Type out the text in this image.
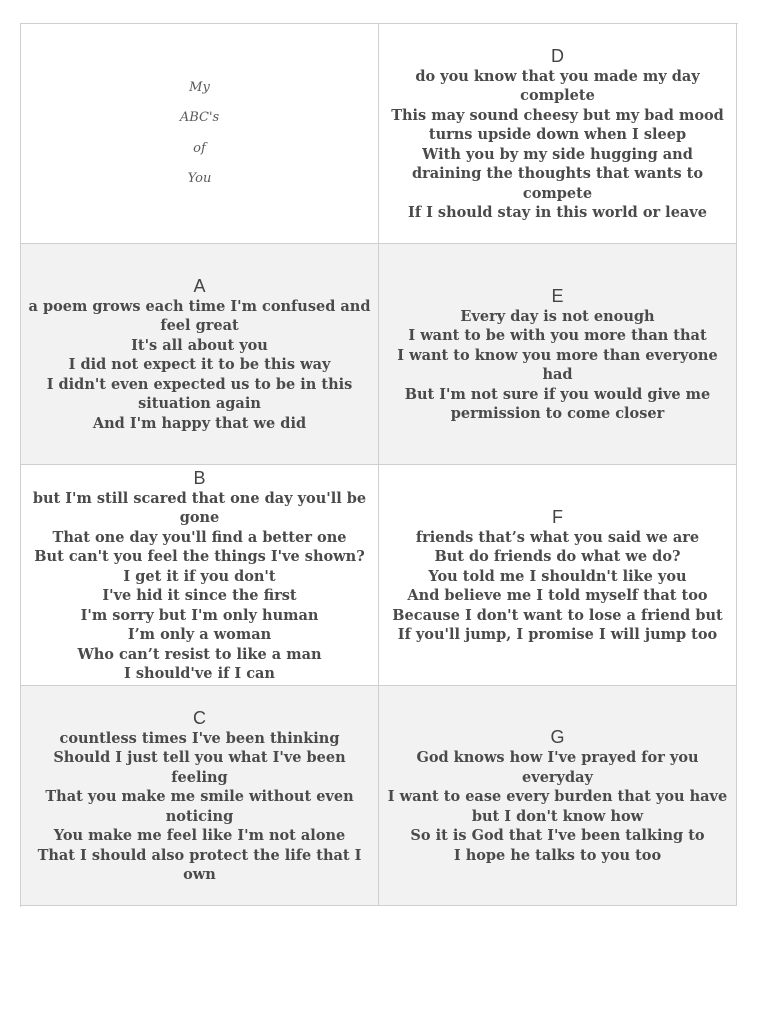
My
ABC's
of
You
D
do you know that you made my day complete
This may sound cheesy but my bad mood turns upside down when I sleep
With you by my side hugging and draining the thoughts that wants to compete
If I should stay in this world or leave
A
a poem grows each time I'm confused and feel great
It's all about you
I did not expect it to be this way
I didn't even expected us to be in this situation again
And I'm happy that we did
E
Every day is not enough
I want to be with you more than that
I want to know you more than everyone had
But I'm not sure if you would give me permission to come closer
B
but I'm still scared that one day you'll be gone
That one day you'll find a better one
But can't you feel the things I've shown?
I get it if you don't
I've hid it since the first
I'm sorry but I'm only human
I’m only a woman
Who can’t resist to like a man
I should've if I can
F
friends that’s what you said we are
But do friends do what we do?
You told me I shouldn't like you
And believe me I told myself that too
Because I don't want to lose a friend but If you'll jump, I promise I will jump too
C
countless times I've been thinking
Should I just tell you what I've been feeling
That you make me smile without even noticing
You make me feel like I'm not alone
That I should also protect the life that I own
G
God knows how I've prayed for you everyday
I want to ease every burden that you have but I don't know how
So it is God that I've been talking to
I hope he talks to you too
